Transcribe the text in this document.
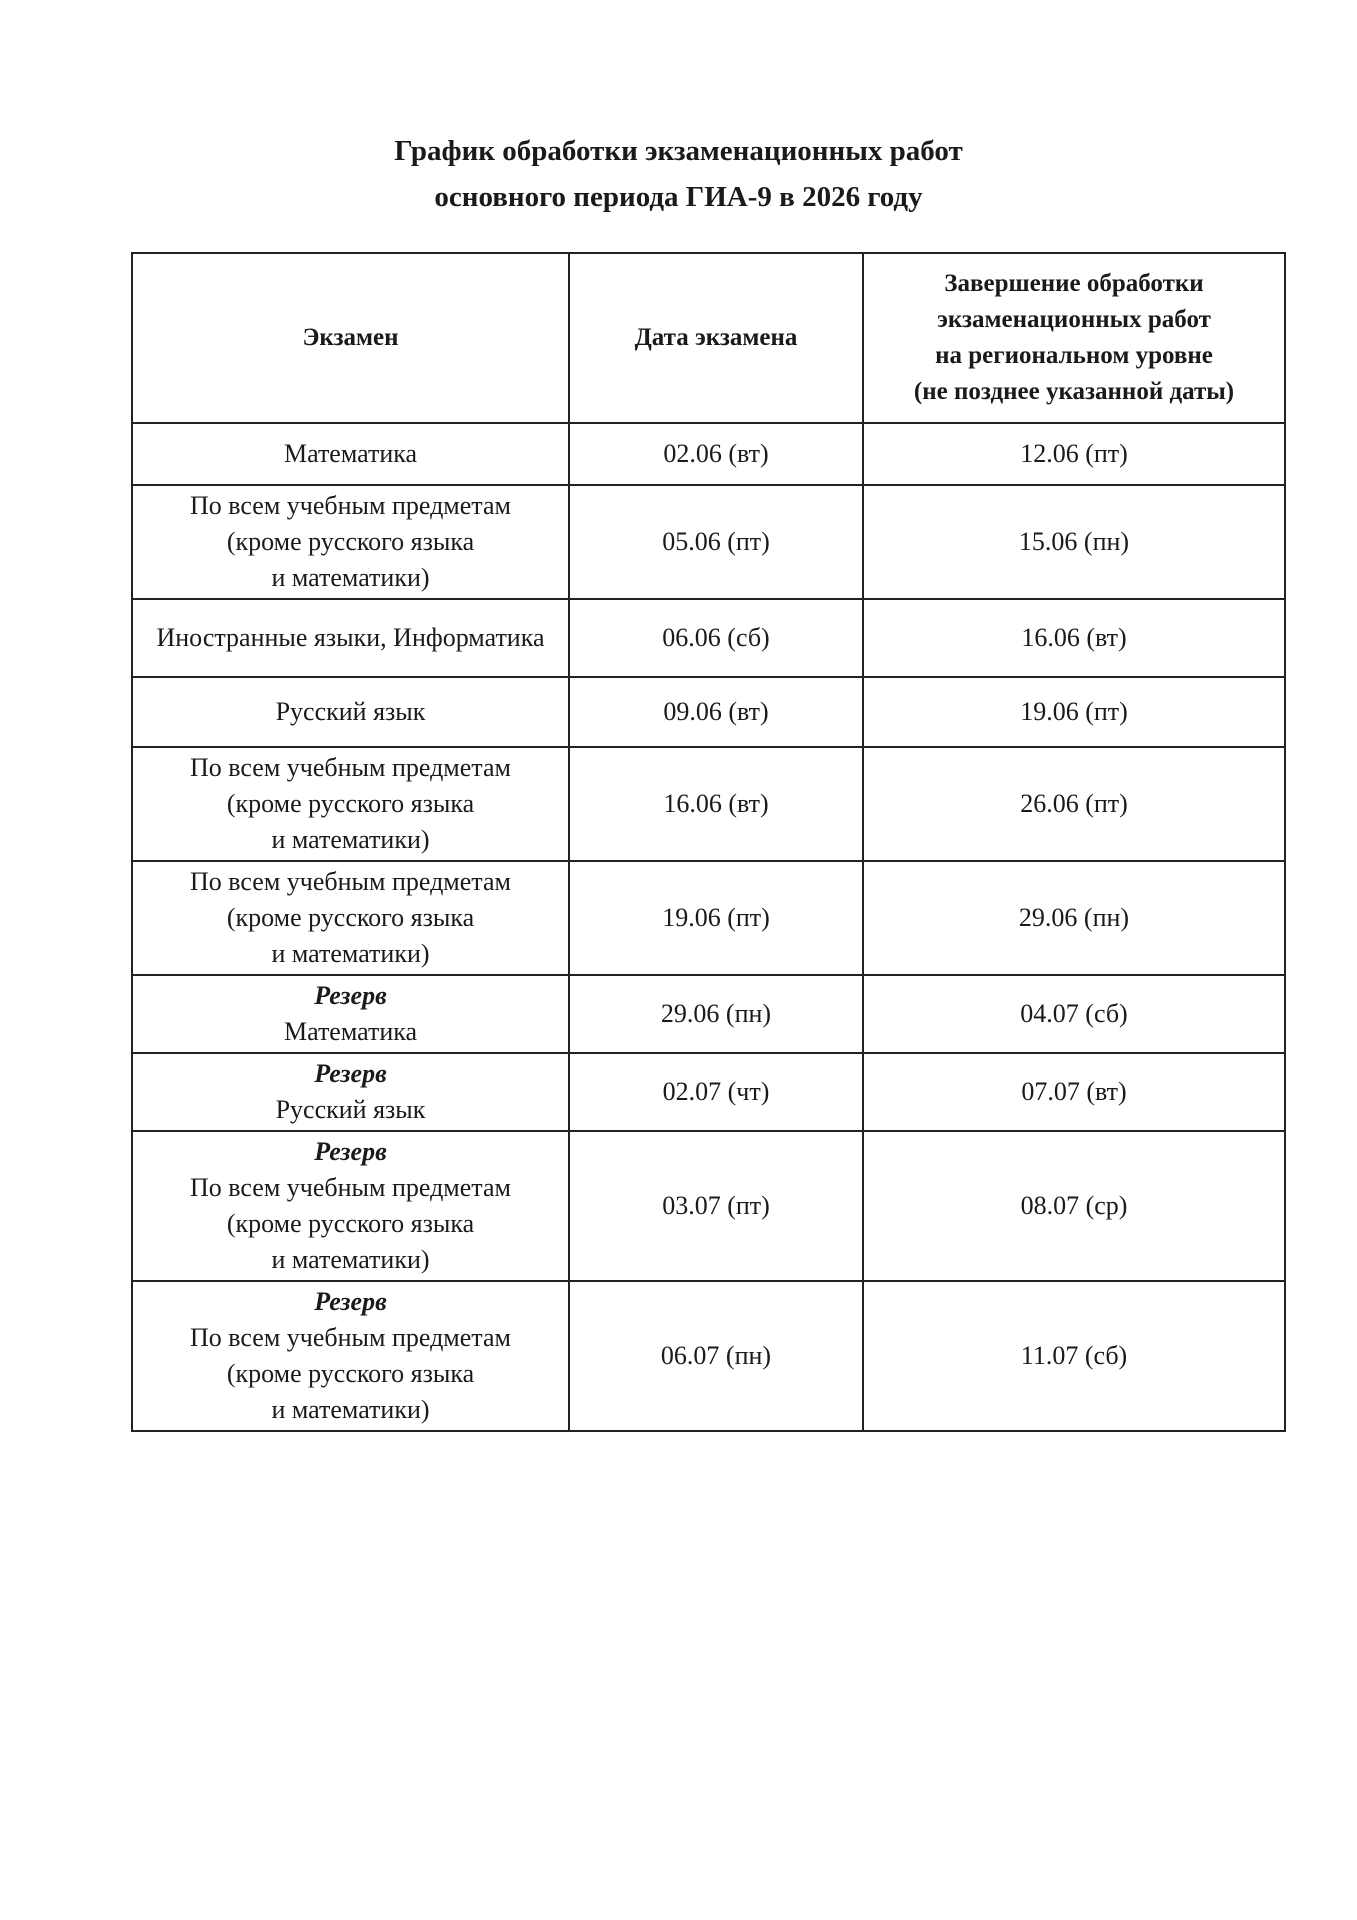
График обработки экзаменационных работ
основного периода ГИА-9 в 2026 году
Экзамен	Дата экзамена	Завершение обработки
экзаменационных работ
на региональном уровне
(не позднее указанной даты)

Математика	02.06 (вт)	12.06 (пт)

По всем учебным предметам
(кроме русского языка
и математики)	05.06 (пт)	15.06 (пн)

Иностранные языки, Информатика	06.06 (сб)	16.06 (вт)

Русский язык	09.06 (вт)	19.06 (пт)

По всем учебным предметам
(кроме русского языка
и математики)	16.06 (вт)	26.06 (пт)

По всем учебным предметам
(кроме русского языка
и математики)	19.06 (пт)	29.06 (пн)

Резерв
Математика	29.06 (пн)	04.07 (сб)

Резерв
Русский язык	02.07 (чт)	07.07 (вт)

Резерв
По всем учебным предметам
(кроме русского языка
и математики)	03.07 (пт)	08.07 (ср)

Резерв
По всем учебным предметам
(кроме русского языка
и математики)	06.07 (пн)	11.07 (сб)
